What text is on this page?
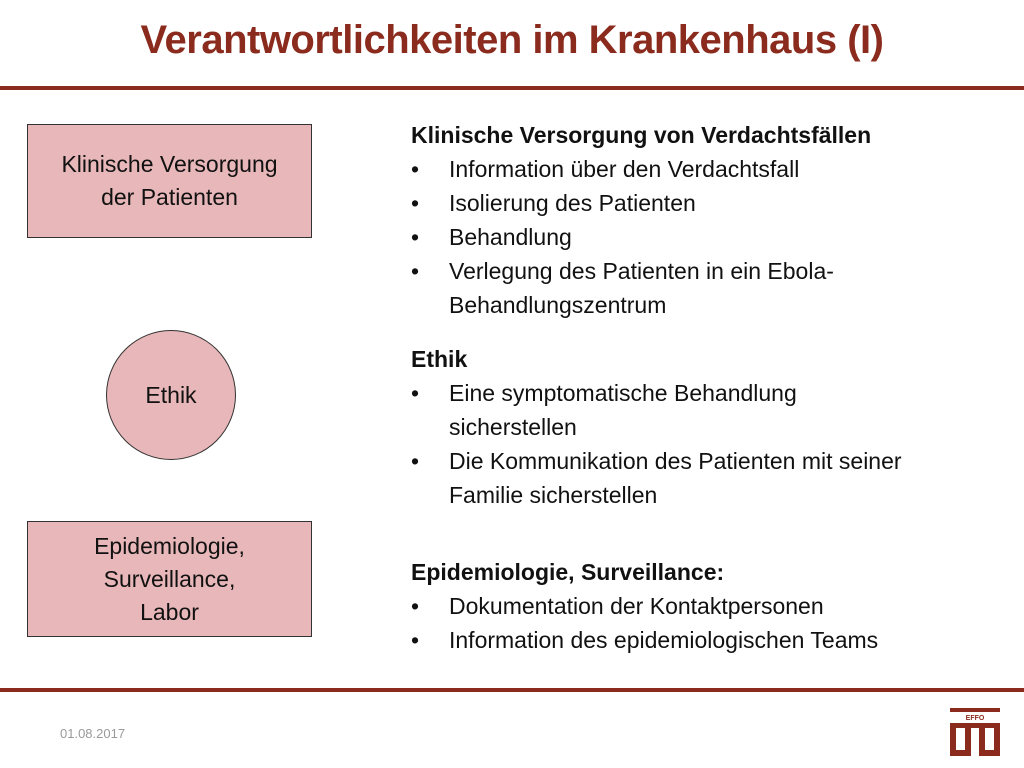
Verantwortlichkeiten im Krankenhaus (I)
Klinische Versorgung
der Patienten
Ethik
Epidemiologie,
Surveillance,
Labor
Klinische Versorgung von Verdachtsfällen
• Information über den Verdachtsfall
• Isolierung des Patienten
• Behandlung
• Verlegung des Patienten in ein Ebola-
Behandlungszentrum
Ethik
• Eine symptomatische Behandlung
sicherstellen
• Die Kommunikation des Patienten mit seiner
Familie sicherstellen
Epidemiologie, Surveillance:
• Dokumentation der Kontaktpersonen
• Information des epidemiologischen Teams
01.08.2017
EFFO
